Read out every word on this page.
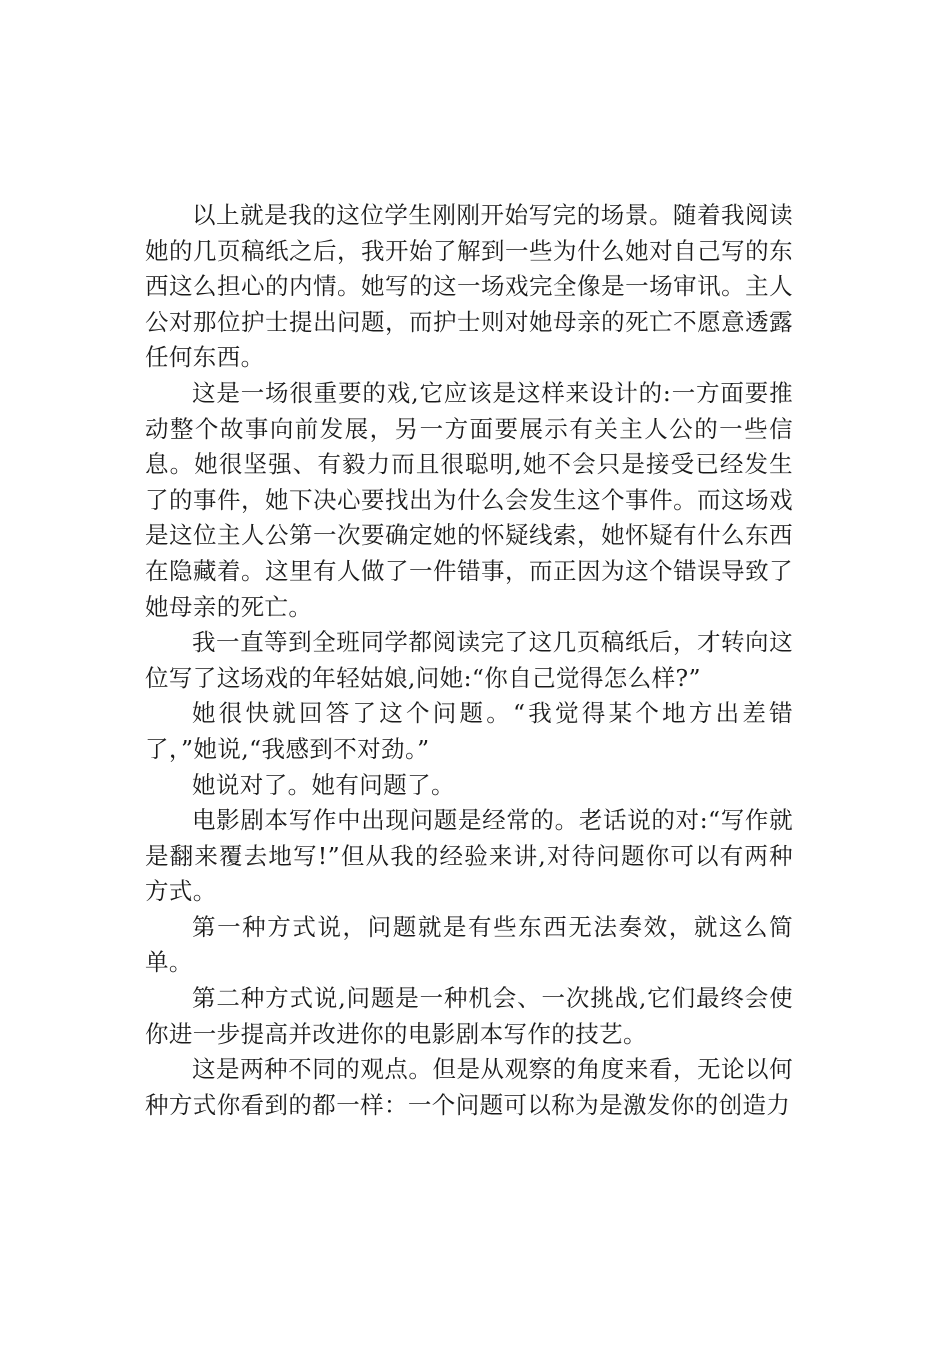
以上就是我的这位学生刚刚开始写完的场景。随着我阅读她的几页稿纸之后，我开始了解到一些为什么她对自己写的东西这么担心的内情。她写的这一场戏完全像是一场审讯。主人公对那位护士提出问题，而护士则对她母亲的死亡不愿意透露任何东西。

这是一场很重要的戏,它应该是这样来设计的:一方面要推动整个故事向前发展，另一方面要展示有关主人公的一些信息。她很坚强、有毅力而且很聪明,她不会只是接受已经发生了的事件，她下决心要找出为什么会发生这个事件。而这场戏是这位主人公第一次要确定她的怀疑线索，她怀疑有什么东西在隐藏着。这里有人做了一件错事，而正因为这个错误导致了她母亲的死亡。

我一直等到全班同学都阅读完了这几页稿纸后，才转向这位写了这场戏的年轻姑娘,问她:“你自己觉得怎么样?”

她很快就回答了这个问题。“我觉得某个地方出差错了，”她说,“我感到不对劲。”

她说对了。她有问题了。

电影剧本写作中出现问题是经常的。老话说的对:“写作就是翻来覆去地写!”但从我的经验来讲,对待问题你可以有两种方式。

第一种方式说，问题就是有些东西无法奏效，就这么简单。

第二种方式说,问题是一种机会、一次挑战,它们最终会使你进一步提高并改进你的电影剧本写作的技艺。

这是两种不同的观点。但是从观察的角度来看，无论以何种方式你看到的都一样：一个问题可以称为是激发你的创造力
